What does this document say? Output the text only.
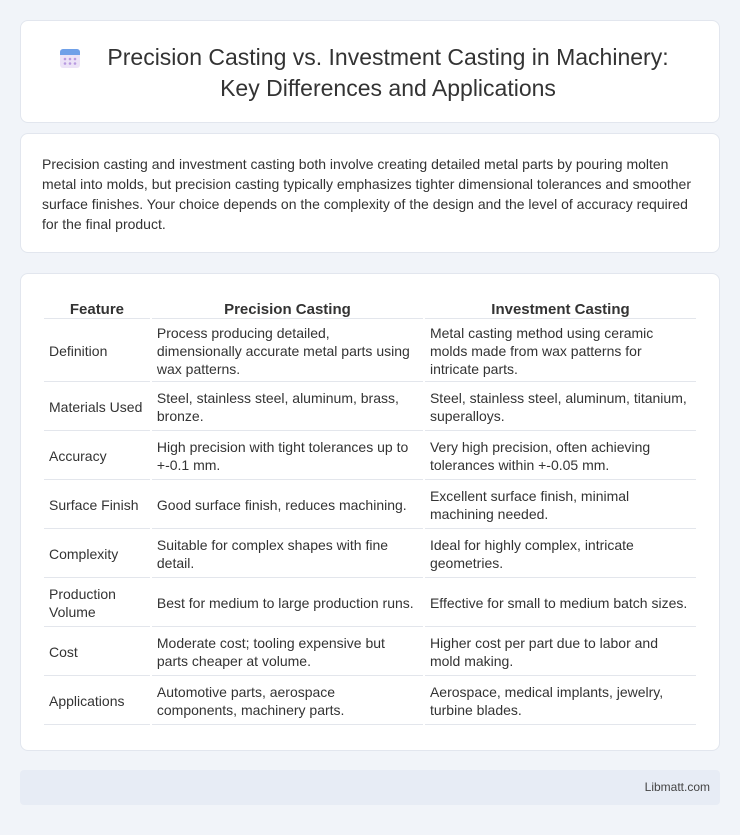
Precision Casting vs. Investment Casting in Machinery: Key Differences and Applications

Precision casting and investment casting both involve creating detailed metal parts by pouring molten metal into molds, but precision casting typically emphasizes tighter dimensional tolerances and smoother surface finishes. Your choice depends on the complexity of the design and the level of accuracy required for the final product.

Feature	Precision Casting	Investment Casting
Definition	Process producing detailed, dimensionally accurate metal parts using wax patterns.	Metal casting method using ceramic molds made from wax patterns for intricate parts.
Materials Used	Steel, stainless steel, aluminum, brass, bronze.	Steel, stainless steel, aluminum, titanium, superalloys.
Accuracy	High precision with tight tolerances up to +-0.1 mm.	Very high precision, often achieving tolerances within +-0.05 mm.
Surface Finish	Good surface finish, reduces machining.	Excellent surface finish, minimal machining needed.
Complexity	Suitable for complex shapes with fine detail.	Ideal for highly complex, intricate geometries.
Production Volume	Best for medium to large production runs.	Effective for small to medium batch sizes.
Cost	Moderate cost; tooling expensive but parts cheaper at volume.	Higher cost per part due to labor and mold making.
Applications	Automotive parts, aerospace components, machinery parts.	Aerospace, medical implants, jewelry, turbine blades.
Libmatt.com
